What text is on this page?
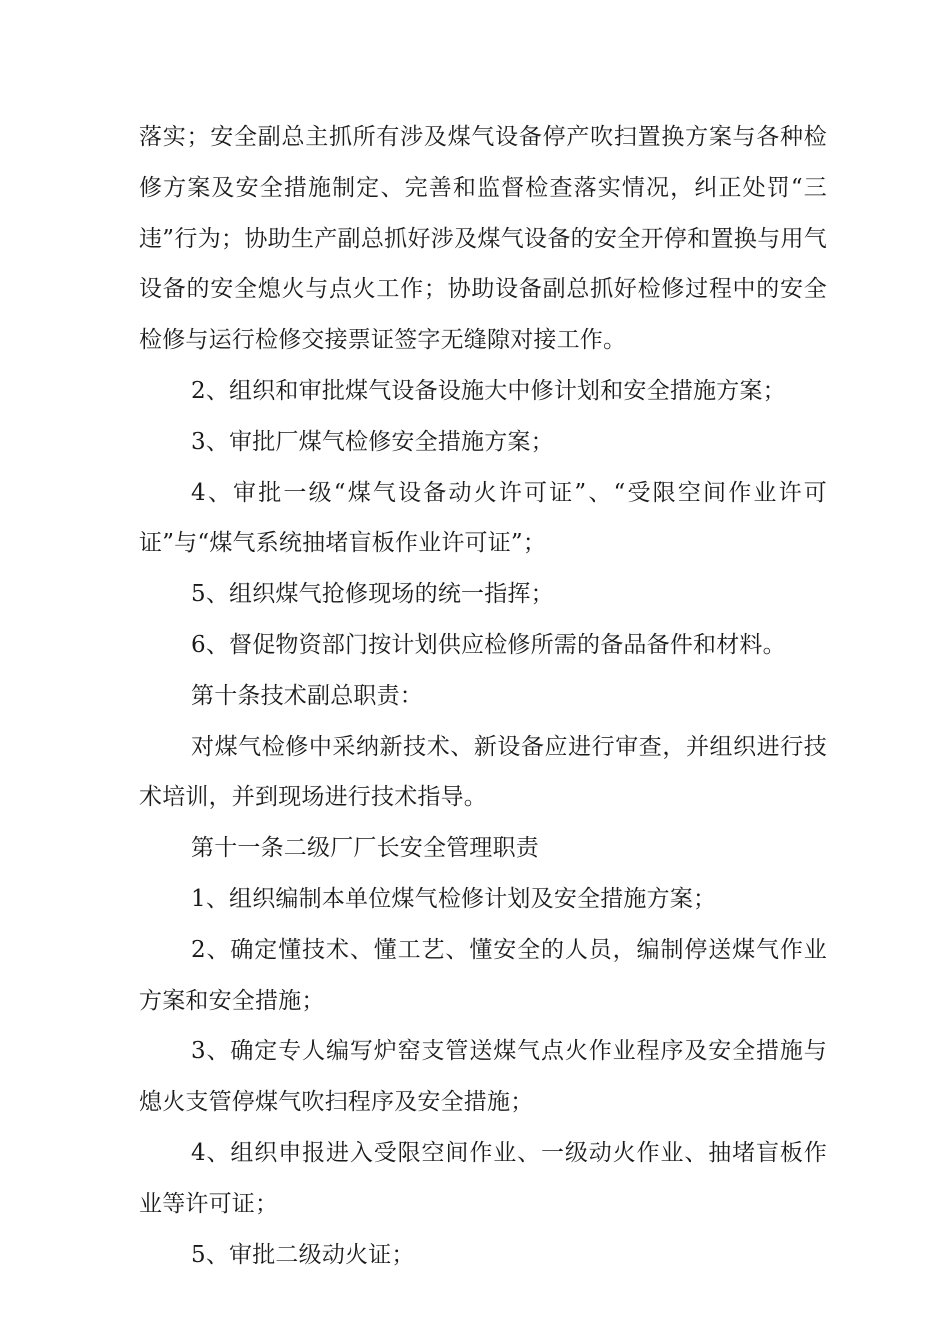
落实；安全副总主抓所有涉及煤气设备停产吹扫置换方案与各种检修方案及安全措施制定、完善和监督检查落实情况，纠正处罚“三违”行为；协助生产副总抓好涉及煤气设备的安全开停和置换与用气设备的安全熄火与点火工作；协助设备副总抓好检修过程中的安全检修与运行检修交接票证签字无缝隙对接工作。

2、组织和审批煤气设备设施大中修计划和安全措施方案；

3、审批厂煤气检修安全措施方案；

4、审批一级“煤气设备动火许可证”、“受限空间作业许可证”与“煤气系统抽堵盲板作业许可证”；

5、组织煤气抢修现场的统一指挥；

6、督促物资部门按计划供应检修所需的备品备件和材料。

第十条技术副总职责：

对煤气检修中采纳新技术、新设备应进行审查，并组织进行技术培训，并到现场进行技术指导。

第十一条二级厂厂长安全管理职责

1、组织编制本单位煤气检修计划及安全措施方案；

2、确定懂技术、懂工艺、懂安全的人员，编制停送煤气作业方案和安全措施；

3、确定专人编写炉窑支管送煤气点火作业程序及安全措施与熄火支管停煤气吹扫程序及安全措施；

4、组织申报进入受限空间作业、一级动火作业、抽堵盲板作业等许可证；

5、审批二级动火证；
